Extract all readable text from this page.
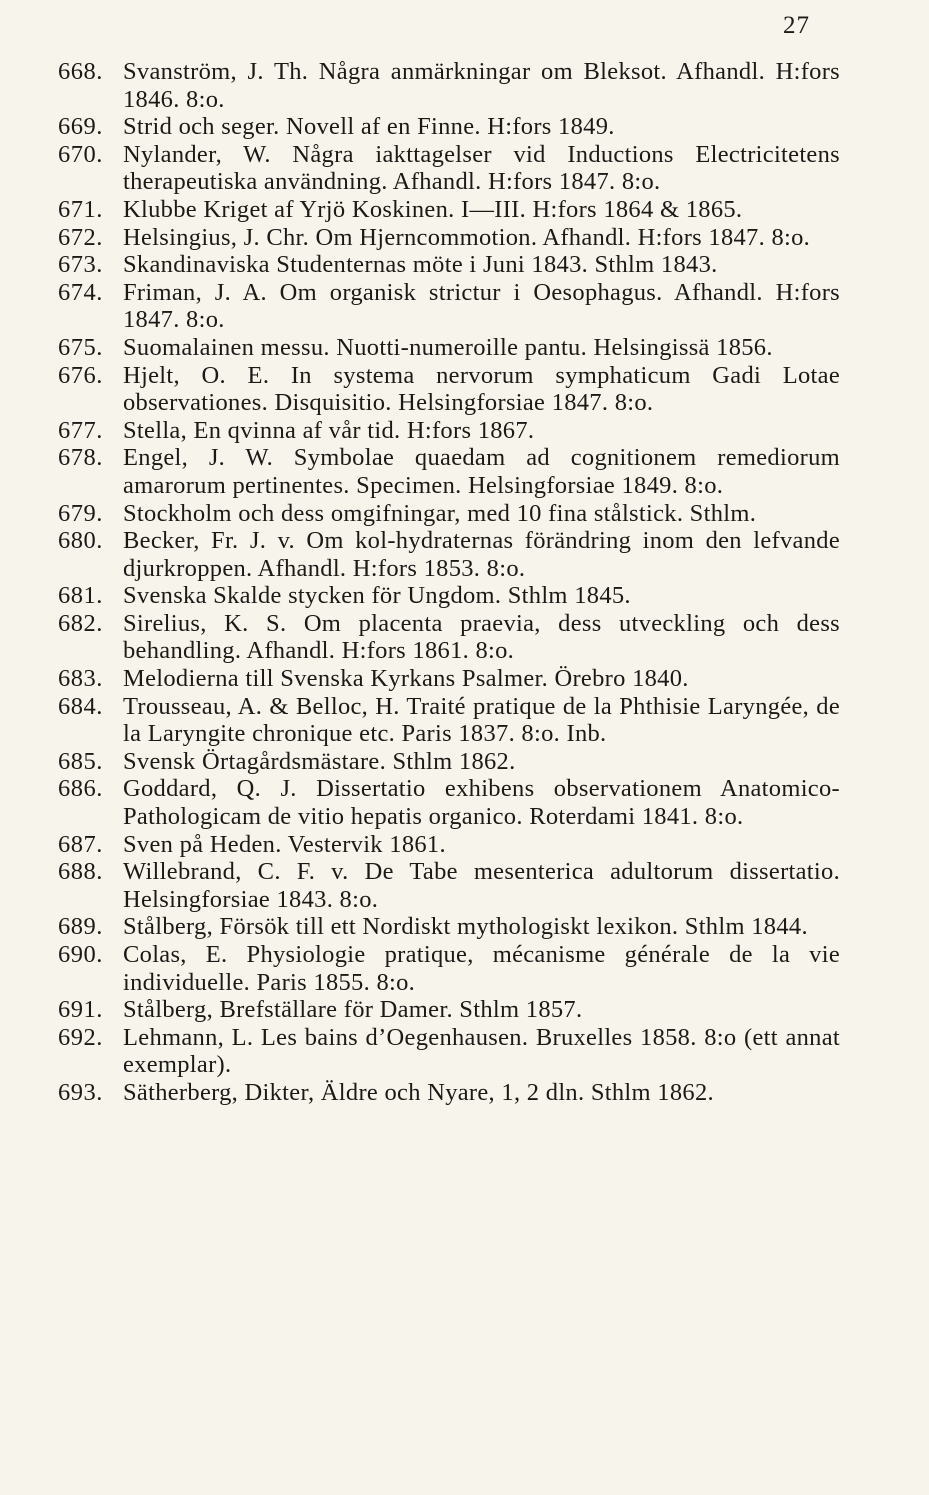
27
668. Svanström, J. Th. Några anmärkningar om Bleksot. Afhandl. H:fors 1846. 8:o.
669. Strid och seger. Novell af en Finne. H:fors 1849.
670. Nylander, W. Några iakttagelser vid Inductions Electricitetens therapeutiska användning. Afhandl. H:fors 1847. 8:o.
671. Klubbe Kriget af Yrjö Koskinen. I—III. H:fors 1864 & 1865.
672. Helsingius, J. Chr. Om Hjerncommotion. Afhandl. H:fors 1847. 8:o.
673. Skandinaviska Studenternas möte i Juni 1843. Sthlm 1843.
674. Friman, J. A. Om organisk strictur i Oesophagus. Afhandl. H:fors 1847. 8:o.
675. Suomalainen messu. Nuotti-numeroille pantu. Helsingissä 1856.
676. Hjelt, O. E. In systema nervorum symphaticum Gadi Lotae observationes. Disquisitio. Helsingforsiae 1847. 8:o.
677. Stella, En qvinna af vår tid. H:fors 1867.
678. Engel, J. W. Symbolae quaedam ad cognitionem remediorum amarorum pertinentes. Specimen. Helsingforsiae 1849. 8:o.
679. Stockholm och dess omgifningar, med 10 fina stålstick. Sthlm.
680. Becker, Fr. J. v. Om kol-hydraternas förändring inom den lefvande djurkroppen. Afhandl. H:fors 1853. 8:o.
681. Svenska Skalde stycken för Ungdom. Sthlm 1845.
682. Sirelius, K. S. Om placenta praevia, dess utveckling och dess behandling. Afhandl. H:fors 1861. 8:o.
683. Melodierna till Svenska Kyrkans Psalmer. Örebro 1840.
684. Trousseau, A. & Belloc, H. Traité pratique de la Phthisie Laryngée, de la Laryngite chronique etc. Paris 1837. 8:o. Inb.
685. Svensk Örtagårdsmästare. Sthlm 1862.
686. Goddard, Q. J. Dissertatio exhibens observationem Anatomico-Pathologicam de vitio hepatis organico. Roterdami 1841. 8:o.
687. Sven på Heden. Vestervik 1861.
688. Willebrand, C. F. v. De Tabe mesenterica adultorum dissertatio. Helsingforsiae 1843. 8:o.
689. Stålberg, Försök till ett Nordiskt mythologiskt lexikon. Sthlm 1844.
690. Colas, E. Physiologie pratique, mécanisme générale de la vie individuelle. Paris 1855. 8:o.
691. Stålberg, Brefställare för Damer. Sthlm 1857.
692. Lehmann, L. Les bains d’Oegenhausen. Bruxelles 1858. 8:o (ett annat exemplar).
693. Sätherberg, Dikter, Äldre och Nyare, 1, 2 dln. Sthlm 1862.
